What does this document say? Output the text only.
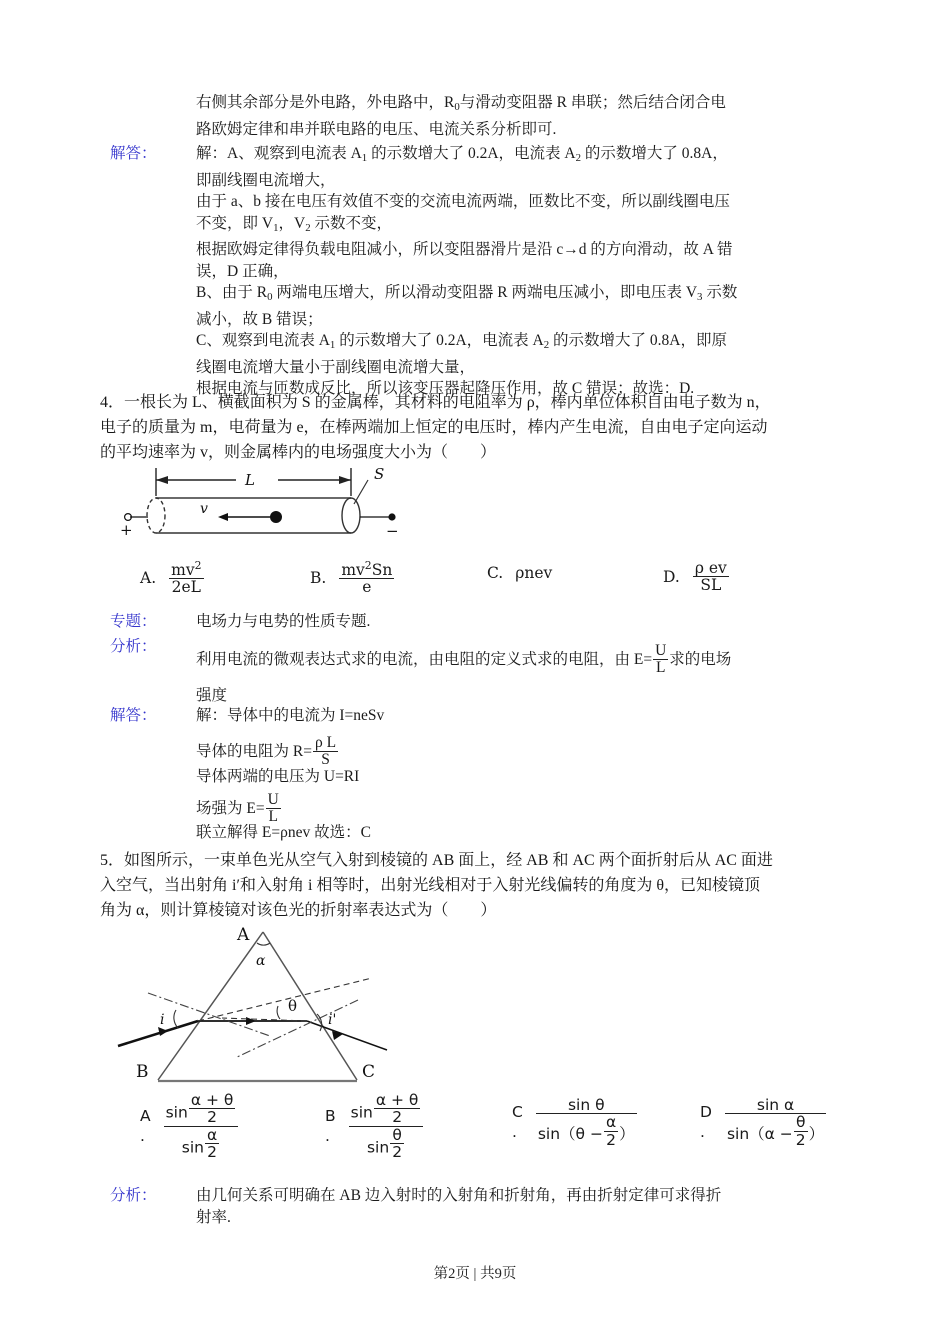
右侧其余部分是外电路，外电路中，$R_0$与滑动变阻器 R 串联；然后结合闭合电
路欧姆定律和串并联电路的电压、电流关系分析即可.
解答：	解：A、观察到电流表 $A_1$ 的示数增大了 0.2A，电流表 $A_2$ 的示数增大了 0.8A，
即副线圈电流增大，
由于 a、b 接在电压有效值不变的交流电流两端，匝数比不变，所以副线圈电压
不变，即 $V_1$，$V_2$ 示数不变，
根据欧姆定律得负载电阻减小，所以变阻器滑片是沿 c→d 的方向滑动，故 A 错
误，D 正确，
B、由于 $R_0$ 两端电压增大，所以滑动变阻器 R 两端电压减小，即电压表 $V_3$ 示数
减小，故 B 错误；
C、观察到电流表 $A_1$ 的示数增大了 0.2A，电流表 $A_2$ 的示数增大了 0.8A，即原
线圈电流增大量小于副线圈电流增大量，
根据电流与匝数成反比，所以该变压器起降压作用，故 C 错误；故选：D.
4．一根长为 L、横截面积为 S 的金属棒，其材料的电阻率为 ρ，棒内单位体积自由电子数为 n，
电子的质量为 m，电荷量为 e，在棒两端加上恒定的电压时，棒内产生电流，自由电子定向运动
的平均速率为 v，则金属棒内的电场强度大小为（　　）
L	S
v
+	−
A. $\frac{mv^2}{2eL}$	B. $\frac{mv^2Sn}{e}$	C. ρnev	D. $\frac{\text{ρ ev}}{SL}$
专题：	电场力与电势的性质专题.
分析：
利用电流的微观表达式求的电流，由电阻的定义式求的电阻，由 $E= \frac{U}{L}$ 求的电场
强度
解答：	解：导体中的电流为 I=neSv
导体的电阻为 $R= \frac{\text{ρ L}}{S}$
导体两端的电压为 U=RI
场强为 $E= \frac{U}{L}$
联立解得 E=ρnev 故选：C
5．如图所示，一束单色光从空气入射到棱镜的 AB 面上，经 AB 和 AC 两个面折射后从 AC 面进
入空气，当出射角 i′和入射角 i 相等时，出射光线相对于入射光线偏转的角度为 θ，已知棱镜顶
角为 α，则计算棱镜对该色光的折射率表达式为（　　）
A
B	C
α
θ
i	i'
A
.	$\frac{\sin \frac{\alpha + \theta}{2}}{\sin \frac{\alpha}{2}}$	B
.	$\frac{\sin \frac{\alpha + \theta}{2}}{\sin \frac{\theta}{2}}$	C
.	$\frac{\text{sin θ}}{\sin(\theta - \frac{\alpha}{2} )}$	D
.	$\frac{\text{sin α}}{\sin(\alpha - \frac{\theta}{2} )}$
分析：	由几何关系可明确在 AB 边入射时的入射角和折射角，再由折射定律可求得折
射率.
第2页 | 共9页
